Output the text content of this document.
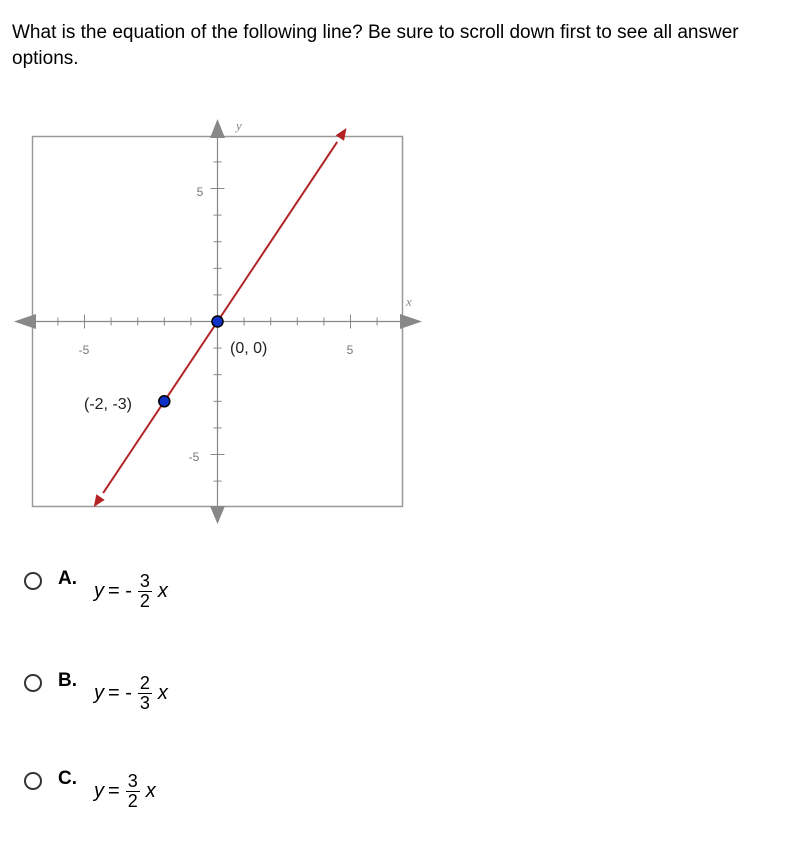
What is the equation of the following line? Be sure to scroll down first to see all answer options.

y
x
-5	5
5
-5
(0, 0)
(-2, -3)
A.
y = - $\frac{3}{2}$ x
B.
y = - $\frac{2}{3}$ x
C.
$y = \frac{3}{2}$ x
